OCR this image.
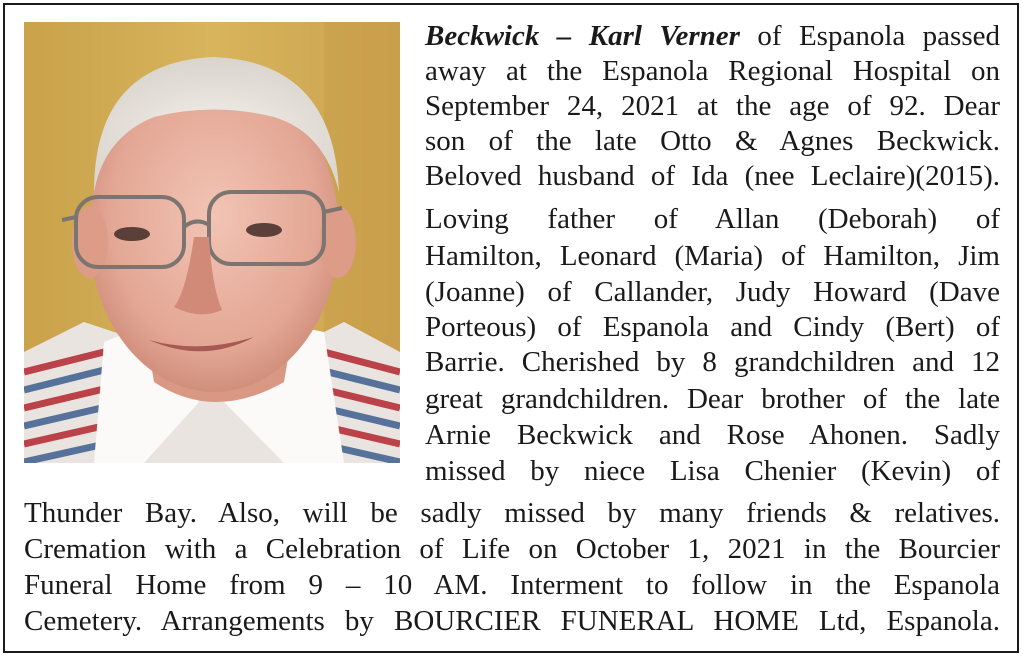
Beckwick – Karl Verner of Espanola passed
away at the Espanola Regional Hospital on
September 24, 2021 at the age of 92. Dear
son of the late Otto & Agnes Beckwick.
Beloved husband of Ida (nee Leclaire)(2015).
Loving father of Allan (Deborah) of
Hamilton, Leonard (Maria) of Hamilton, Jim
(Joanne) of Callander, Judy Howard (Dave
Porteous) of Espanola and Cindy (Bert) of
Barrie. Cherished by 8 grandchildren and 12
great grandchildren. Dear brother of the late
Arnie Beckwick and Rose Ahonen. Sadly
missed by niece Lisa Chenier (Kevin) of
Thunder Bay. Also, will be sadly missed by many friends & relatives.
Cremation with a Celebration of Life on October 1, 2021 in the Bourcier
Funeral Home from 9 – 10 AM. Interment to follow in the Espanola
Cemetery. Arrangements by BOURCIER FUNERAL HOME Ltd, Espanola.
